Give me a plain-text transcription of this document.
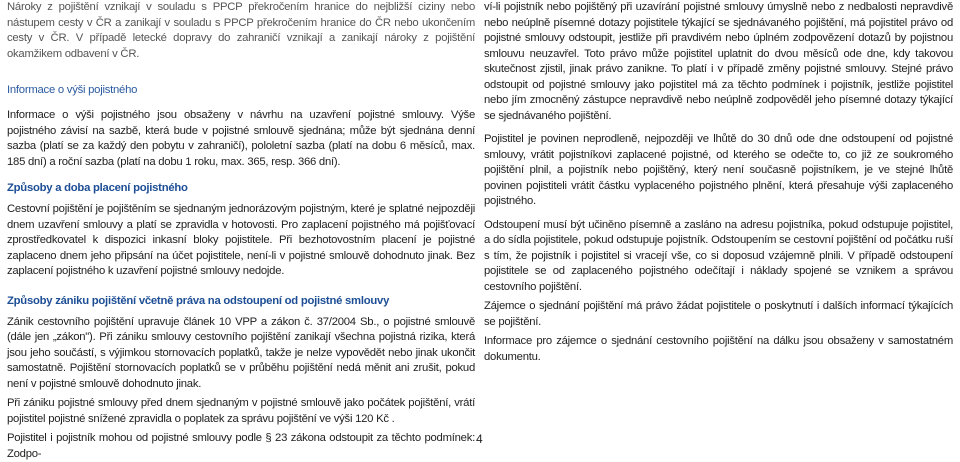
Nároky z pojištění vznikají v souladu s PPCP překročením hranice do nejbližší ciziny nebo nástupem cesty v ČR a zanikají v souladu s PPCP překročením hranice do ČR nebo ukončením cesty v ČR. V případě letecké dopravy do zahraničí vznikají a zanikají nároky z pojištění okamžikem odbavení v ČR.

Informace o výši pojistného

Informace o výši pojistného jsou obsaženy v návrhu na uzavření pojistné smlouvy. Výše pojistného závisí na sazbě, která bude v pojistné smlouvě sjednána; může být sjednána denní sazba (platí se za každý den pobytu v zahraničí), pololetní sazba (platí na dobu 6 měsíců, max. 185 dní) a roční sazba (platí na dobu 1 roku, max. 365, resp. 366 dní).

Způsoby a doba placení pojistného

Cestovní pojištění je pojištěním se sjednaným jednorázovým pojistným, které je splatné nejpozději dnem uzavření smlouvy a platí se zpravidla v hotovosti. Pro zaplacení pojistného má pojišťovací zprostředkovatel k dispozici inkasní bloky pojistitele. Při bezhotovostním placení je pojistné zaplaceno dnem jeho připsání na účet pojistitele, není-li v pojistné smlouvě dohodnuto jinak. Bez zaplacení pojistného k uzavření pojistné smlouvy nedojde.

Způsoby zániku pojištění včetně práva na odstoupení od pojistné smlouvy

Zánik cestovního pojištění upravuje článek 10 VPP a zákon č. 37/2004 Sb., o pojistné smlouvě (dále jen „zákon"). Při zániku smlouvy cestovního pojištění zanikají všechna pojistná rizika, která jsou jeho součástí, s výjimkou stornovacích poplatků, takže je nelze vypovědět nebo jinak ukončit samostatně. Pojištění stornovacích poplatků se v průběhu pojištění nedá měnit ani zrušit, pokud není v pojistné smlouvě dohodnuto jinak.

Při zániku pojistné smlouvy před dnem sjednaným v pojistné smlouvě jako počátek pojištění, vrátí pojistitel pojistné snížené zpravidla o poplatek za správu pojištění ve výši 120 Kč .

Pojistitel i pojistník mohou od pojistné smlouvy podle § 23 zákona odstoupit za těchto podmínek: Zodpo-

ví-li pojistník nebo pojištěný při uzavírání pojistné smlouvy úmyslně nebo z nedbalosti nepravdivě nebo neúplně písemné dotazy pojistitele týkající se sjednávaného pojištění, má pojistitel právo od pojistné smlouvy odstoupit, jestliže při pravdivém nebo úplném zodpovězení dotazů by pojistnou smlouvu neuzavřel. Toto právo může pojistitel uplatnit do dvou měsíců ode dne, kdy takovou skutečnost zjistil, jinak právo zanikne. To platí i v případě změny pojistné smlouvy. Stejné právo odstoupit od pojistné smlouvy jako pojistitel má za těchto podmínek i pojistník, jestliže pojistitel nebo jím zmocněný zástupce nepravdivě nebo neúplně zodpověděl jeho písemné dotazy týkající se sjednávaného pojištění.

Pojistitel je povinen neprodleně, nejpozději ve lhůtě do 30 dnů ode dne odstoupení od pojistné smlouvy, vrátit pojistníkovi zaplacené pojistné, od kterého se odečte to, co již ze soukromého pojištění plnil, a pojistník nebo pojištěný, který není současně pojistníkem, je ve stejné lhůtě povinen pojistiteli vrátit částku vyplaceného pojistného plnění, která přesahuje výši zaplaceného pojistného.

Odstoupení musí být učiněno písemně a zasláno na adresu pojistníka, pokud odstupuje pojistitel, a do sídla pojistitele, pokud odstupuje pojistník. Odstoupením se cestovní pojištění od počátku ruší s tím, že pojistník i pojistitel si vracejí vše, co si doposud vzájemně plnili. V případě odstoupení pojistitele se od zaplaceného pojistného odečítají i náklady spojené se vznikem a správou cestovního pojištění.

Zájemce o sjednání pojištění má právo žádat pojistitele o poskytnutí i dalších informací týkajících se pojištění.

Informace pro zájemce o sjednání cestovního pojištění na dálku jsou obsaženy v samostatném dokumentu.

4
